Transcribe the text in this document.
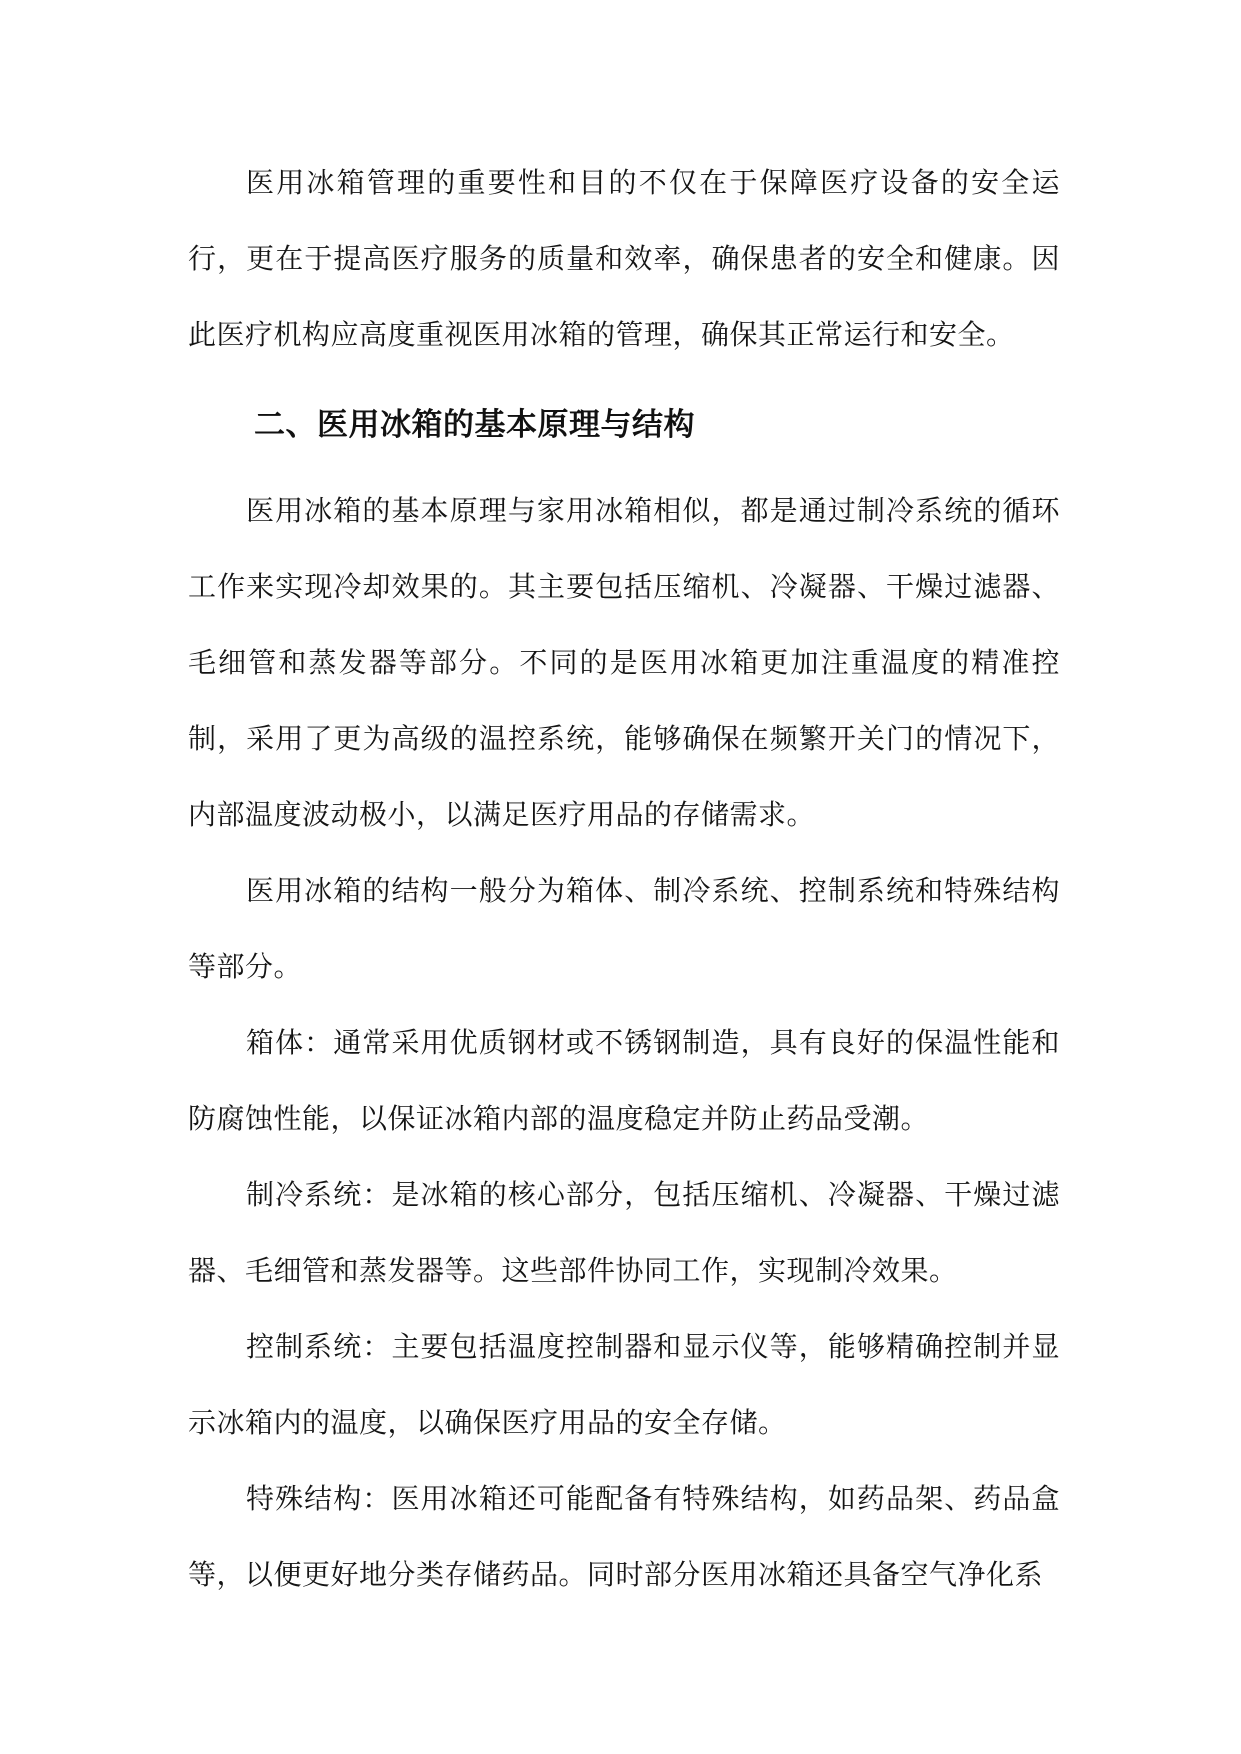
医用冰箱管理的重要性和目的不仅在于保障医疗设备的安全运行，更在于提高医疗服务的质量和效率，确保患者的安全和健康。因此医疗机构应高度重视医用冰箱的管理，确保其正常运行和安全。

二、医用冰箱的基本原理与结构

医用冰箱的基本原理与家用冰箱相似，都是通过制冷系统的循环工作来实现冷却效果的。其主要包括压缩机、冷凝器、干燥过滤器、毛细管和蒸发器等部分。不同的是医用冰箱更加注重温度的精准控制，采用了更为高级的温控系统，能够确保在频繁开关门的情况下，内部温度波动极小，以满足医疗用品的存储需求。

医用冰箱的结构一般分为箱体、制冷系统、控制系统和特殊结构等部分。

箱体：通常采用优质钢材或不锈钢制造，具有良好的保温性能和防腐蚀性能，以保证冰箱内部的温度稳定并防止药品受潮。

制冷系统：是冰箱的核心部分，包括压缩机、冷凝器、干燥过滤器、毛细管和蒸发器等。这些部件协同工作，实现制冷效果。

控制系统：主要包括温度控制器和显示仪等，能够精确控制并显示冰箱内的温度，以确保医疗用品的安全存储。

特殊结构：医用冰箱还可能配备有特殊结构，如药品架、药品盒等，以便更好地分类存储药品。同时部分医用冰箱还具备空气净化系
